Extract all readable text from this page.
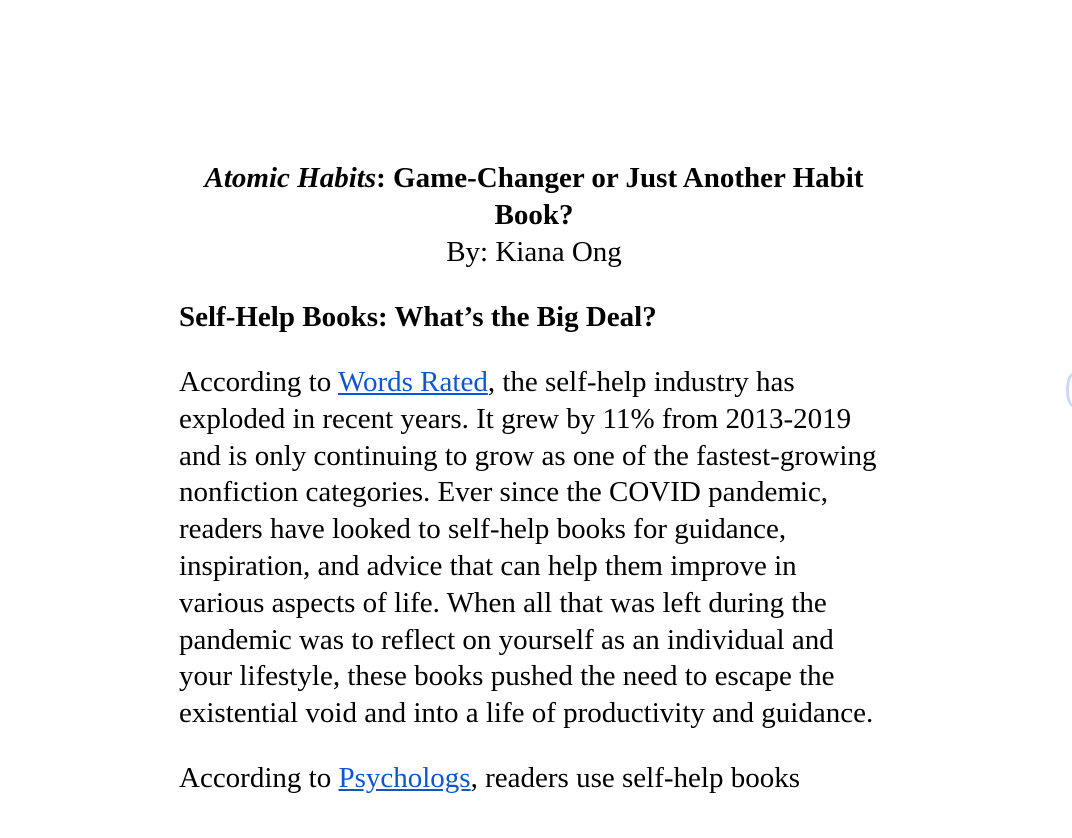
Atomic Habits: Game-Changer or Just Another Habit Book?
By: Kiana Ong
Self-Help Books: What’s the Big Deal?

According to Words Rated, the self-help industry has exploded in recent years. It grew by 11% from 2013-2019 and is only continuing to grow as one of the fastest-growing nonfiction categories. Ever since the COVID pandemic, readers have looked to self-help books for guidance, inspiration, and advice that can help them improve in various aspects of life. When all that was left during the pandemic was to reflect on yourself as an individual and your lifestyle, these books pushed the need to escape the existential void and into a life of productivity and guidance.

According to Psychologs, readers use self-help books
